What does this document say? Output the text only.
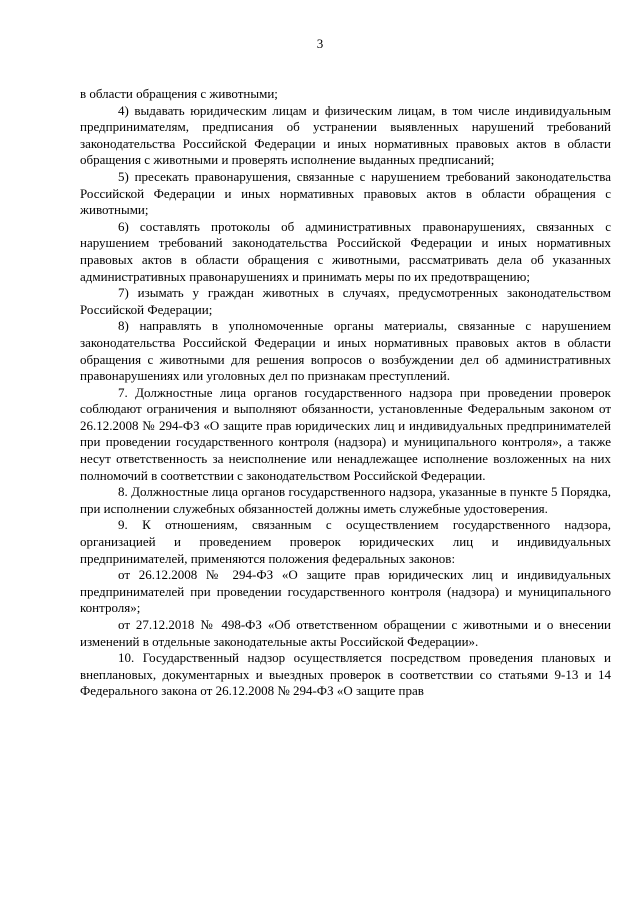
3

в области обращения с животными;

4) выдавать юридическим лицам и физическим лицам, в том числе индивидуальным предпринимателям, предписания об устранении выявленных нарушений требований законодательства Российской Федерации и иных нормативных правовых актов в области обращения с животными и проверять исполнение выданных предписаний;

5) пресекать правонарушения, связанные с нарушением требований законодательства Российской Федерации и иных нормативных правовых актов в области обращения с животными;

6) составлять протоколы об административных правонарушениях, связанных с нарушением требований законодательства Российской Федерации и иных нормативных правовых актов в области обращения с животными, рассматривать дела об указанных административных правонарушениях и принимать меры по их предотвращению;

7) изымать у граждан животных в случаях, предусмотренных законодательством Российской Федерации;

8) направлять в уполномоченные органы материалы, связанные с нарушением законодательства Российской Федерации и иных нормативных правовых актов в области обращения с животными для решения вопросов о возбуждении дел об административных правонарушениях или уголовных дел по признакам преступлений.

7. Должностные лица органов государственного надзора при проведении проверок соблюдают ограничения и выполняют обязанности, установленные Федеральным законом от 26.12.2008 № 294-ФЗ «О защите прав юридических лиц и индивидуальных предпринимателей при проведении государственного контроля (надзора) и муниципального контроля», а также несут ответственность за неисполнение или ненадлежащее исполнение возложенных на них полномочий в соответствии с законодательством Российской Федерации.

8. Должностные лица органов государственного надзора, указанные в пункте 5 Порядка, при исполнении служебных обязанностей должны иметь служебные удостоверения.

9. К отношениям, связанным с осуществлением государственного надзора, организацией и проведением проверок юридических лиц и индивидуальных предпринимателей, применяются положения федеральных законов:

от 26.12.2008 № 294-ФЗ «О защите прав юридических лиц и индивидуальных предпринимателей при проведении государственного контроля (надзора) и муниципального контроля»;

от 27.12.2018 № 498-ФЗ «Об ответственном обращении с животными и о внесении изменений в отдельные законодательные акты Российской Федерации».

10. Государственный надзор осуществляется посредством проведения плановых и внеплановых, документарных и выездных проверок в соответствии со статьями 9-13 и 14 Федерального закона от 26.12.2008 № 294-ФЗ «О защите прав
